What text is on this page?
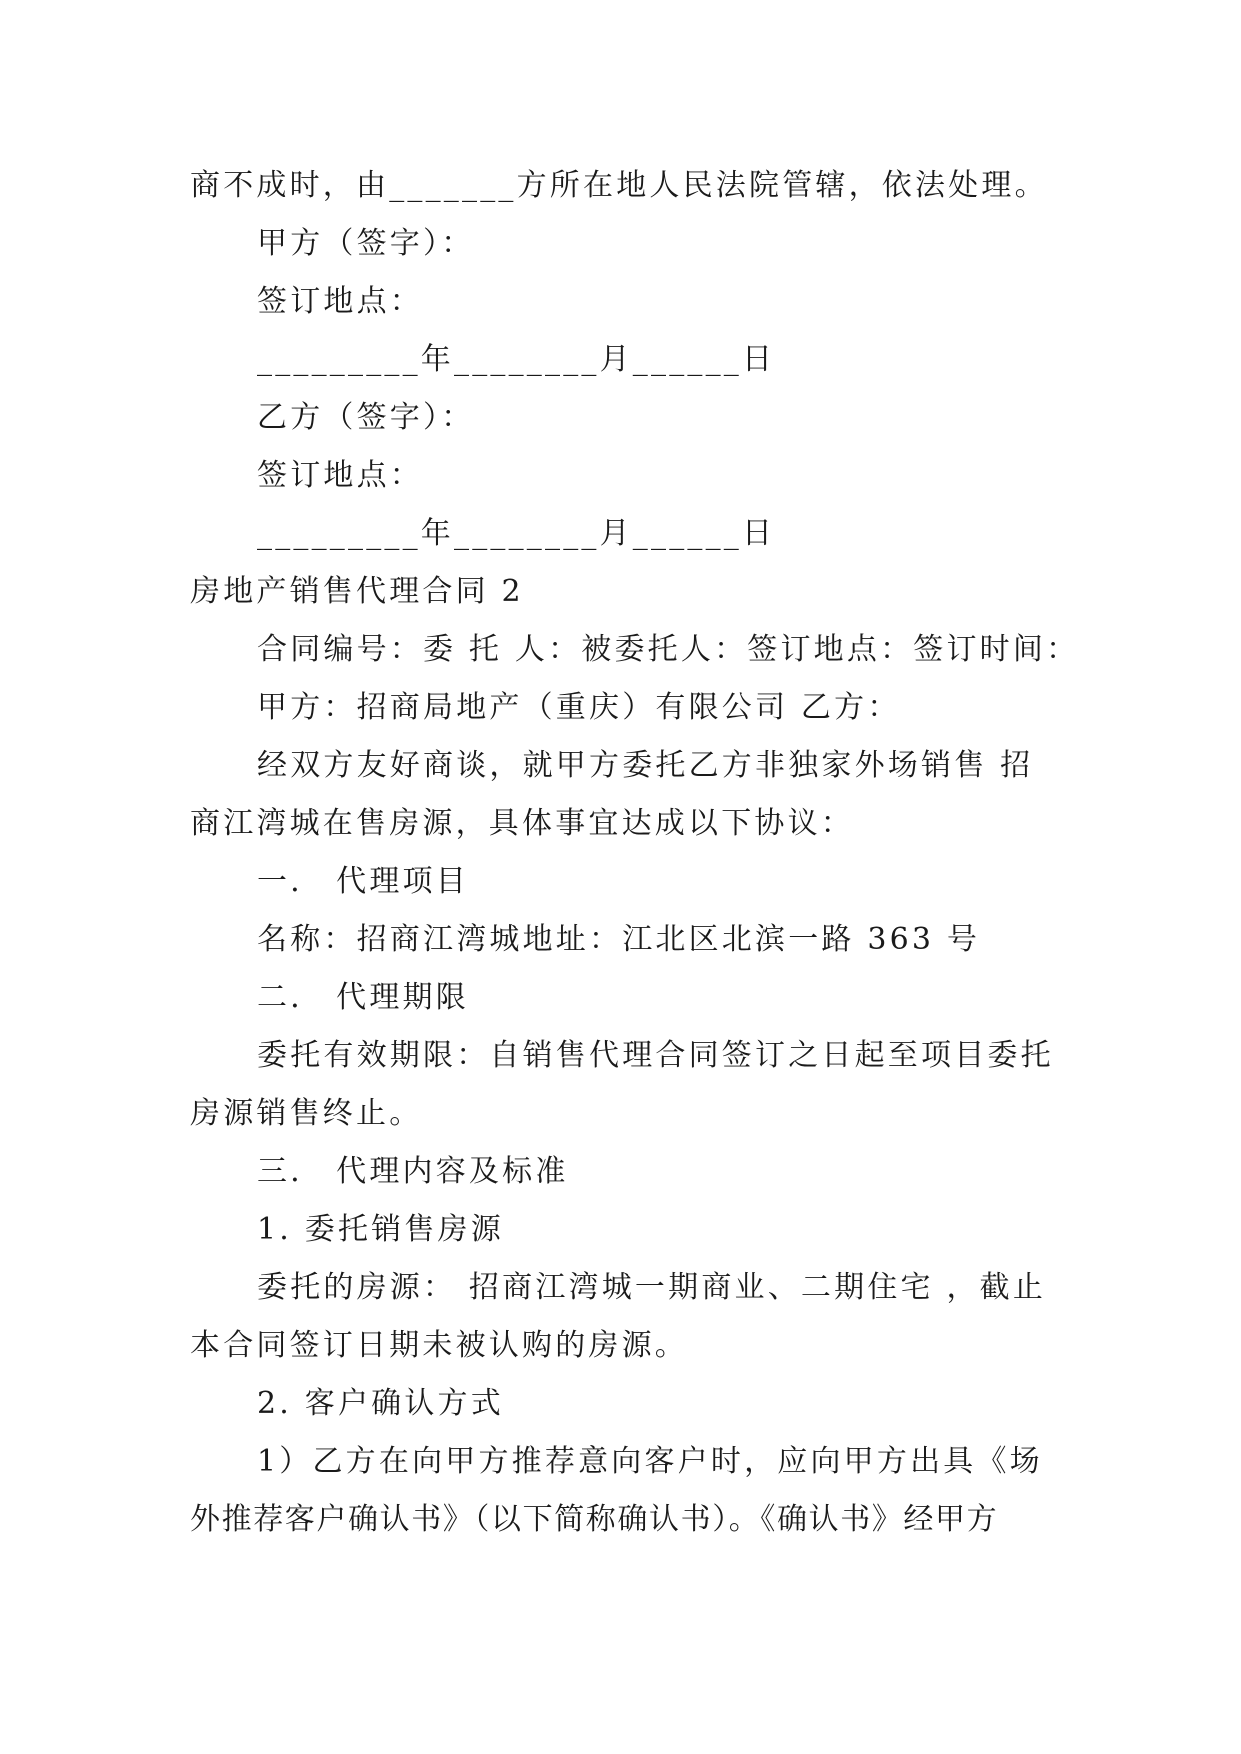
商不成时，由_______方所在地人民法院管辖，依法处理。
甲方（签字）：
签订地点：
_________年________月______日
乙方（签字）：
签订地点：
_________年________月______日
房地产销售代理合同 2
合同编号：委 托 人：被委托人：签订地点：签订时间：
甲方：招商局地产（重庆）有限公司 乙方：
经双方友好商谈，就甲方委托乙方非独家外场销售 招
商江湾城在售房源，具体事宜达成以下协议：
一． 代理项目
名称：招商江湾城地址：江北区北滨一路 363 号
二． 代理期限
委托有效期限：自销售代理合同签订之日起至项目委托
房源销售终止。
三． 代理内容及标准
1. 委托销售房源
委托的房源： 招商江湾城一期商业、二期住宅 ，截止
本合同签订日期未被认购的房源。
2. 客户确认方式
1）乙方在向甲方推荐意向客户时，应向甲方出具《场
外推荐客户确认书》（以下简称确认书）。《确认书》经甲方
